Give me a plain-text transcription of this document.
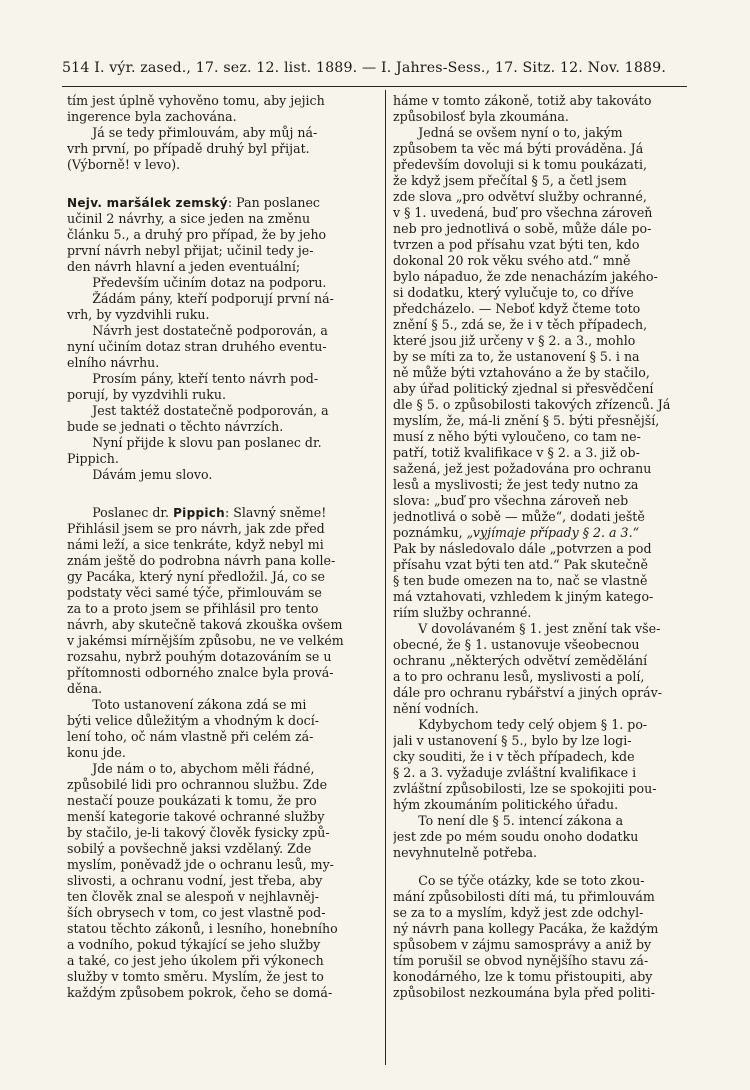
514 I. výr. zased., 17. sez. 12. list. 1889. — I. Jahres-Sess., 17. Sitz. 12. Nov. 1889.
tím jest úplně vyhověno tomu, aby jejich
ingerence byla zachována.
  Já se tedy přimlouvám, aby můj ná-
vrh první, po případě druhý byl přijat.
(Výborně! v levo).
Nejv. maršálek zemský: Pan poslanec
učinil 2 návrhy, a sice jeden na změnu
článku 5., a druhý pro případ, že by jeho
první návrh nebyl přijat; učinil tedy je-
den návrh hlavní a jeden eventuální;
  Především učiním dotaz na podporu.
  Žádám pány, kteří podporují první ná-
vrh, by vyzdvihli ruku.
  Návrh jest dostatečně podporován, a
nyní učiním dotaz stran druhého eventu-
elního návrhu.
  Prosím pány, kteří tento návrh pod-
porují, by vyzdvihli ruku.
  Jest taktéž dostatečně podporován, a
bude se jednati o těchto návrzích.
  Nyní přijde k slovu pan poslanec dr.
Pippich.
  Dávám jemu slovo.
  Poslanec dr. Pippich: Slavný sněme!
Přihlásil jsem se pro návrh, jak zde před
námi leží, a sice tenkráte, když nebyl mi
znám ještě do podrobna návrh pana kolle-
gy Pacáka, který nyní předložil. Já, co se
podstaty věci samé týče, přimlouvám se
za to a proto jsem se přihlásil pro tento
návrh, aby skutečně taková zkouška ovšem
v jakémsi mírnějším způsobu, ne ve velkém
rozsahu, nybrž pouhým dotazováním se u
přítomnosti odborného znalce byla prová-
děna.
  Toto ustanovení zákona zdá se mi
býti velice důležitým a vhodným k docí-
lení toho, oč nám vlastně při celém zá-
konu jde.
  Jde nám o to, abychom měli řádné,
způsobilé lidi pro ochrannou službu. Zde
nestačí pouze poukázati k tomu, že pro
menší kategorie takové ochranné služby
by stačilo, je-li takový člověk fysicky způ-
sobilý a povšechně jaksi vzdělaný. Zde
myslím, poněvadž jde o ochranu lesů, my-
slivosti, a ochranu vodní, jest třeba, aby
ten člověk znal se alespoň v nejhlavněj-
ších obrysech v tom, co jest vlastně pod-
statou těchto zákonů, i lesního, honebního
a vodního, pokud týkající se jeho služby
a také, co jest jeho úkolem při výkonech
služby v tomto směru. Myslím, že jest to
každým způsobem pokrok, čeho se domá-
háme v tomto zákoně, totiž aby takováto
způsobilosť byla zkoumána.
  Jedná se ovšem nyní o to, jakým
způsobem ta věc má býti prováděna. Já
především dovoluji si k tomu poukázati,
že když jsem přečítal § 5, a četl jsem
zde slova „pro odvětví služby ochranné,
v § 1. uvedená, buď pro všechna zároveň
neb pro jednotlivá o sobě, může dále po-
tvrzen a pod přísahu vzat býti ten, kdo
dokonal 20 rok věku svého atd.“ mně
bylo nápaduo, že zde nenacházím jakého-
si dodatku, který vylučuje to, co dříve
předcházelo. — Neboť když čteme toto
znění § 5., zdá se, že i v těch případech,
které jsou již určeny v § 2. a 3., mohlo
by se míti za to, že ustanovení § 5. i na
ně může býti vztahováno a že by stačilo,
aby úřad politický zjednal si přesvědčení
dle § 5. o způsobilosti takových zřízenců. Já
myslím, že, má-li znění § 5. býti přesnější,
musí z něho býti vyloučeno, co tam ne-
patří, totiž kvalifikace v § 2. a 3. již ob-
sažená, jež jest požadována pro ochranu
lesů a myslivosti; že jest tedy nutno za
slova: „buď pro všechna zároveň neb
jednotlivá o sobě — může“, dodati ještě
poznámku, „vyjímaje případy § 2. a 3.“
Pak by následovalo dále „potvrzen a pod
přísahu vzat býti ten atd.“ Pak skutečně
§ ten bude omezen na to, nač se vlastně
má vztahovati, vzhledem k jiným katego-
riím služby ochranné.
  V dovolávaném § 1. jest znění tak vše-
obecné, že § 1. ustanovuje všeobecnou
ochranu „některých odvětví zemědělání
a to pro ochranu lesů, myslivosti a polí,
dále pro ochranu rybářství a jiných opráv-
nění vodních.
  Kdybychom tedy celý objem § 1. po-
jali v ustanovení § 5., bylo by lze logi-
cky souditi, že i v těch případech, kde
§ 2. a 3. vyžaduje zvláštní kvalifikace i
zvláštní způsobilosti, lze se spokojiti pou-
hým zkoumáním politického úřadu.
  To není dle § 5. intencí zákona a
jest zde po mém soudu onoho dodatku
nevyhnutelně potřeba.
  Co se týče otázky, kde se toto zkou-
mání způsobilosti díti má, tu přimlouvám
se za to a myslím, když jest zde odchyl-
ný návrh pana kollegy Pacáka, že každým
spůsobem v zájmu samosprávy a aniž by
tím porušil se obvod nynějšího stavu zá-
konodárného, lze k tomu přistoupiti, aby
způsobilost nezkoumána byla před politi-
